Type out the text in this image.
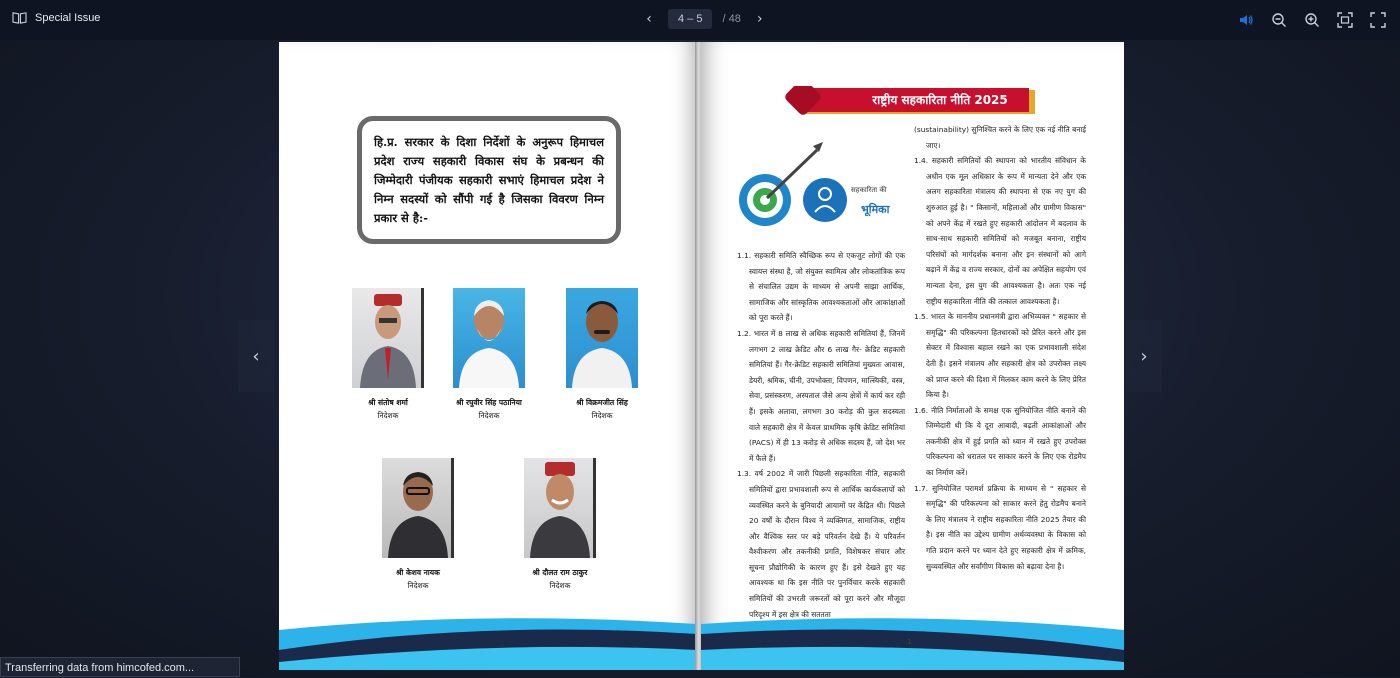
Special Issue	‹	4 – 5	/ 48 ›
‹	›
हि.प्र. सरकार के दिशा निर्देशों के अनुरूप हिमाचल प्रदेश राज्य सहकारी विकास संघ के प्रबन्धन की जिम्मेदारी पंजीयक सहकारी सभाएं हिमाचल प्रदेश ने निम्न सदस्यों को सौंपी गई है जिसका विवरण निम्न प्रकार से है:-
श्री संतोष शर्मा
निदेशक
श्री रघुवीर सिंह पठानिया
निदेशक
श्री विक्रमजीत सिंह
निदेशक
श्री केशव नायक
निदेशक
श्री दौलत राम ठाकुर
निदेशक
राष्ट्रीय सहकारिता नीति 2025
सहकारिता की
भूमिका

1.1. सहकारी समिति स्वैच्छिक रूप से एकजुट लोगों की एक स्वायत्त संस्था है, जो संयुक्त स्वामित्व और लोकतांत्रिक रूप से संचालित उद्यम के माध्यम से अपनी साझा आर्थिक, सामाजिक और सांस्कृतिक आवश्यकताओं और आकांक्षाओं को पूरा करते हैं।

1.2. भारत में 8 लाख से अधिक सहकारी समितियां हैं, जिनमें लगभग 2 लाख क्रेडिट और 6 लाख गैर- क्रेडिट सहकारी समितियां हैं। गैर-क्रेडिट सहकारी समितियां मुख्यतः आवास, डेयरी, श्रमिक, चीनी, उपभोक्ता, विपणन, मात्स्यिकी, वस्त्र, सेवा, प्रसंस्करण, अस्पताल जैसे अन्य क्षेत्रों में कार्य कर रही हैं। इसके अलावा, लगभग 30 करोड़ की कुल सदस्यता वाले सहकारी क्षेत्र में केवल प्राथमिक कृषि क्रेडिट समितियां (PACS) में ही 13 करोड़ से अधिक सदस्य हैं, जो देश भर में फैले हैं।

1.3. वर्ष 2002 में जारी पिछली सहकारिता नीति, सहकारी समितियों द्वारा प्रभावशाली रूप से आर्थिक कार्यकलापों को व्यवस्थित करने के बुनियादी आयामों पर केंद्रित थी। पिछले 20 वर्षों के दौरान विश्व ने व्यक्तिगत, सामाजिक, राष्ट्रीय और वैश्विक स्तर पर बड़े परिवर्तन देखे हैं। ये परिवर्तन वैश्वीकरण और तकनीकी प्रगति, विशेषकर संचार और सूचना प्रौद्योगिकी के कारण हुए हैं। इसे देखते हुए यह आवश्यक था कि इस नीति पर पुनर्विचार करके सहकारी समितियों की उभरती जरूरतों को पूरा करने और मौजूदा परिदृश्य में इस क्षेत्र की सततता

(sustainability) सुनिश्चित करने के लिए एक नई नीति बनाई जाए।

1.4. सहकारी समितियों की स्थापना को भारतीय संविधान के अधीन एक मूल अधिकार के रूप में मान्यता देने और एक अलग सहकारिता मंत्रालय की स्थापना से एक नए युग की शुरुआत हुई है। " किसानों, महिलाओं और ग्रामीण विकास" को अपने केंद्र में रखते हुए सहकारी आंदोलन में बदलाव के साथ-साथ सहकारी समितियों को मजबूत बनाना, राष्ट्रीय परिसंघों को मार्गदर्शक बनाना और इन संस्थानों को आगे बढ़ाने में केंद्र व राज्य सरकार, दोनों का अपेक्षित सहयोग एवं मान्यता देना, इस युग की आवश्यकता है। अतः एक नई राष्ट्रीय सहकारिता नीति की तत्काल आवश्यकता है।

1.5. भारत के माननीय प्रधानमंत्री द्वारा अभिव्यक्त " सहकार से समृद्धि" की परिकल्पना हितधारकों को प्रेरित करने और इस सेक्टर में विश्वास बहाल रखने का एक प्रभावशाली संदेश देती है। इसने मंत्रालय और सहकारी क्षेत्र को उपरोक्त लक्ष्य को प्राप्त करने की दिशा में मिलकर काम करने के लिए प्रेरित किया है।

1.6. नीति निर्माताओं के समक्ष एक सुनियोजित नीति बनाने की जिम्मेदारी थी कि ये दूरा आबादी, बढ़ती आकांक्षाओं और तकनीकी क्षेत्र में हुई प्रगति को ध्यान में रखते हुए उपरोक्त परिकल्पना को धरातल पर साकार करने के लिए एक रोडमैप का निर्माण करें।

1.7. सुनियोजित परामर्श प्रक्रिया के माध्यम से " सहकार से समृद्धि" की परिकल्पना को साकार करने हेतु रोडमैप बनाने के लिए मंत्रालय ने राष्ट्रीय सहकारिता नीति 2025 तैयार की है। इस नीति का उद्देश्य ग्रामीण अर्थव्यवस्था के विकास को गति प्रदान करने पर ध्यान देते हुए सहकारी क्षेत्र में क्रमिक, सुव्यवस्थित और सर्वांगीण विकास को बढ़ावा देना है।

1
Transferring data from himcofed.com...
